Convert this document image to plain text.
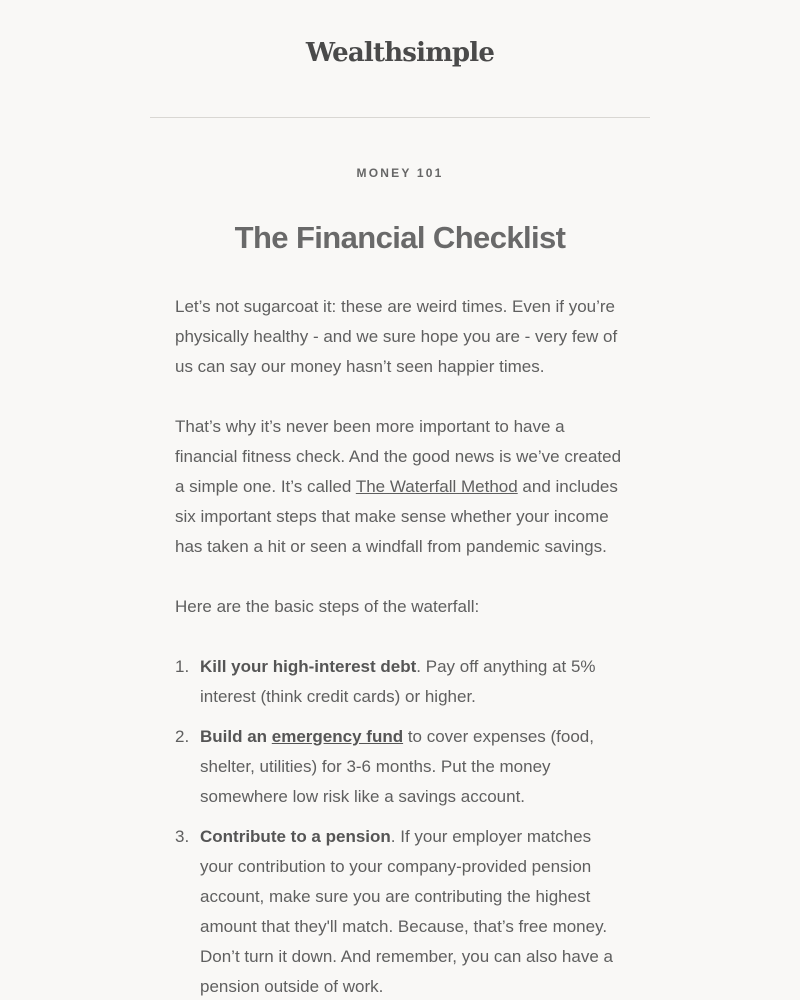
Wealthsimple
MONEY 101
The Financial Checklist

Let’s not sugarcoat it: these are weird times. Even if you’re physically healthy - and we sure hope you are - very few of us can say our money hasn’t seen happier times.

That’s why it’s never been more important to have a financial fitness check. And the good news is we’ve created a simple one. It’s called The Waterfall Method and includes six important steps that make sense whether your income has taken a hit or seen a windfall from pandemic savings.

Here are the basic steps of the waterfall:

1. Kill your high-interest debt. Pay off anything at 5% interest (think credit cards) or higher.
2. Build an emergency fund to cover expenses (food, shelter, utilities) for 3-6 months. Put the money somewhere low risk like a savings account.
3. Contribute to a pension. If your employer matches your contribution to your company-provided pension account, make sure you are contributing the highest amount that they'll match. Because, that’s free money. Don’t turn it down. And remember, you can also have a pension outside of work.
